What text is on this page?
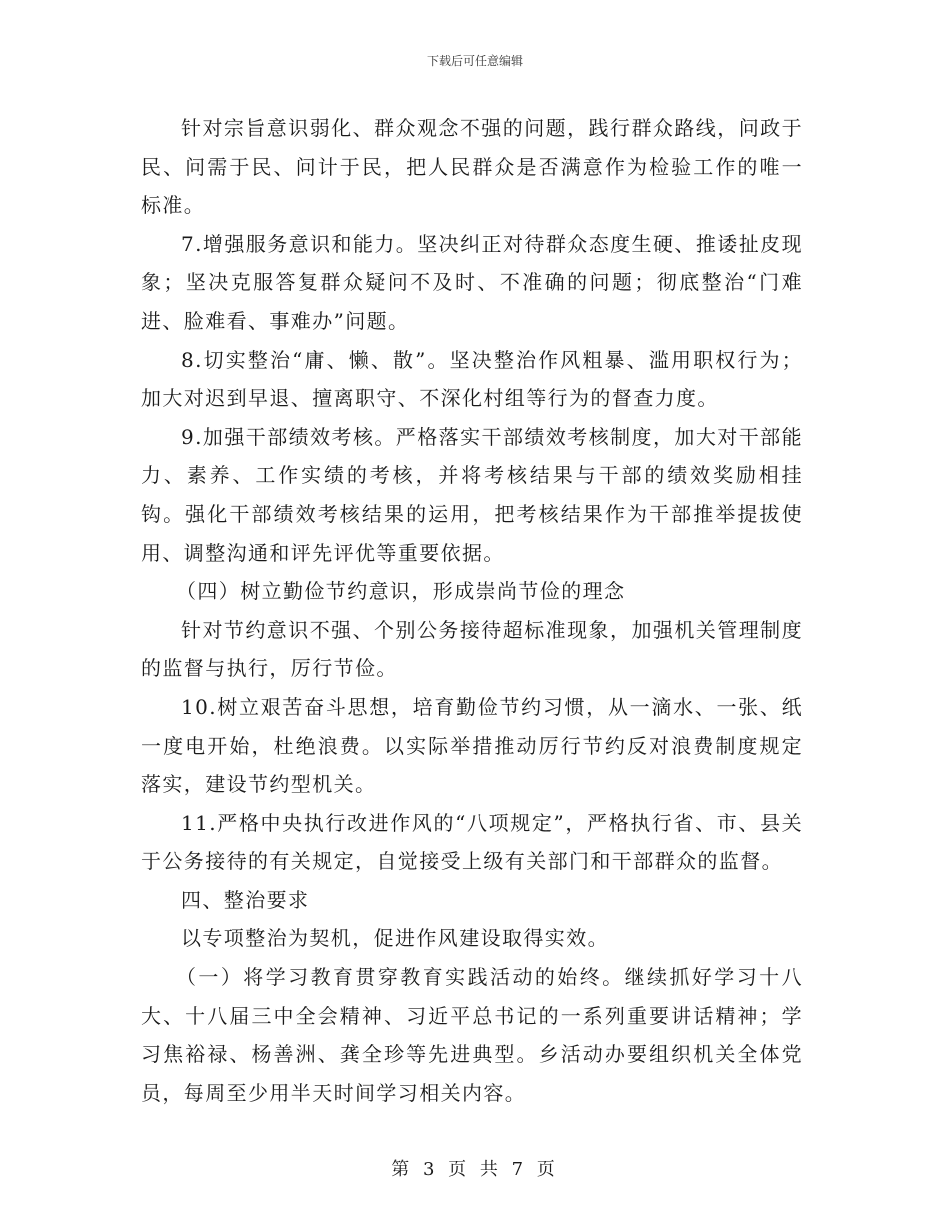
下载后可任意编辑

针对宗旨意识弱化、群众观念不强的问题，践行群众路线，问政于民、问需于民、问计于民，把人民群众是否满意作为检验工作的唯一标准。

7.增强服务意识和能力。坚决纠正对待群众态度生硬、推诿扯皮现象；坚决克服答复群众疑问不及时、不准确的问题；彻底整治“门难进、脸难看、事难办”问题。

8.切实整治“庸、懒、散”。坚决整治作风粗暴、滥用职权行为；加大对迟到早退、擅离职守、不深化村组等行为的督查力度。

9.加强干部绩效考核。严格落实干部绩效考核制度，加大对干部能力、素养、工作实绩的考核，并将考核结果与干部的绩效奖励相挂钩。强化干部绩效考核结果的运用，把考核结果作为干部推举提拔使用、调整沟通和评先评优等重要依据。

（四）树立勤俭节约意识，形成崇尚节俭的理念

针对节约意识不强、个别公务接待超标准现象，加强机关管理制度的监督与执行，厉行节俭。

10.树立艰苦奋斗思想，培育勤俭节约习惯，从一滴水、一张、纸一度电开始，杜绝浪费。以实际举措推动厉行节约反对浪费制度规定落实，建设节约型机关。

11.严格中央执行改进作风的“八项规定”，严格执行省、市、县关于公务接待的有关规定，自觉接受上级有关部门和干部群众的监督。

四、整治要求

以专项整治为契机，促进作风建设取得实效。

（一）将学习教育贯穿教育实践活动的始终。继续抓好学习十八大、十八届三中全会精神、习近平总书记的一系列重要讲话精神；学习焦裕禄、杨善洲、龚全珍等先进典型。乡活动办要组织机关全体党员，每周至少用半天时间学习相关内容。

第 3 页 共 7 页
